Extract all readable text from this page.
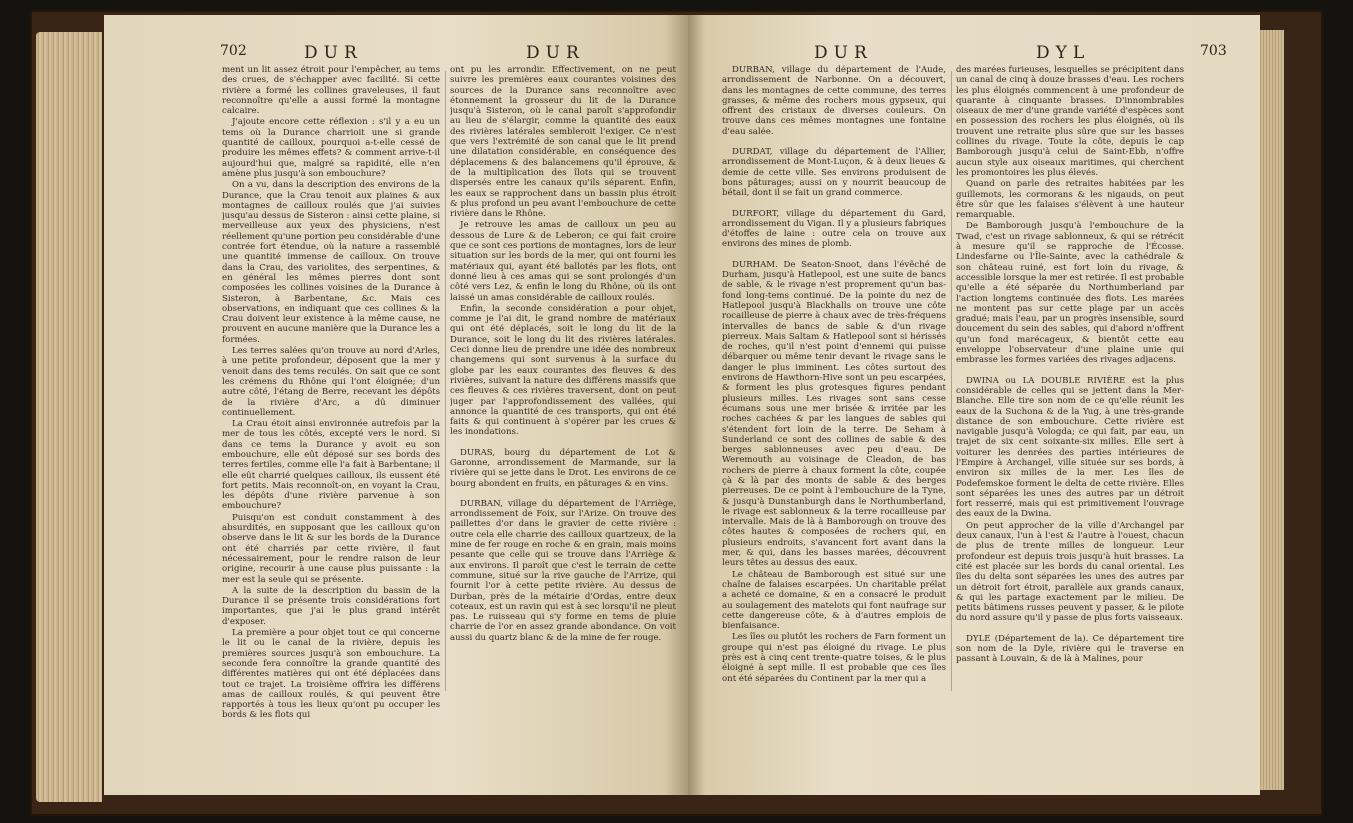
702	DUR	DUR

ment un lit assez étroit pour l'empêcher, au tems des crues, de s'échapper avec facilité. Si cette rivière a formé les collines graveleuses, il faut reconnoître qu'elle a aussi formé la montagne calcaire.

J'ajoute encore cette réflexion : s'il y a eu un tems où la Durance charrioit une si grande quantité de cailloux, pourquoi a-t-elle cessé de produire les mêmes effets? & comment arrive-t-il aujourd'hui que, malgré sa rapidité, elle n'en amène plus jusqu'à son embouchure?

On a vu, dans la description des environs de la Durance, que la Crau tenoit aux plaines & aux montagnes de cailloux roulés que j'ai suivies jusqu'au dessus de Sisteron : ainsi cette plaine, si merveilleuse aux yeux des physiciens, n'est réellement qu'une portion peu considérable d'une contrée fort étendue, où la nature a rassemblé une quantité immense de cailloux. On trouve dans la Crau, des variolites, des serpentines, & en général les mêmes pierres dont sont composées les collines voisines de la Durance à Sisteron, à Barbentane, &c. Mais ces observations, en indiquant que ces collines & la Crau doivent leur existence à la même cause, ne prouvent en aucune manière que la Durance les a formées.

Les terres salées qu'on trouve au nord d'Arles, à une petite profondeur, déposent que la mer y venoit dans des tems reculés. On sait que ce sont les crémens du Rhône qui l'ont éloignée; d'un autre côté, l'étang de Berre, recevant les dépôts de la rivière d'Arc, a dû diminuer continuellement.

La Crau étoit ainsi environnée autrefois par la mer de tous les côtés, excepté vers le nord. Si dans ce tems la Durance y avoit eu son embouchure, elle eût déposé sur ses bords des terres fertiles, comme elle l'a fait à Barbentane; il elle eût charrié quelques cailloux, ils eussent été fort petits. Mais reconnoît-on, en voyant la Crau, les dépôts d'une rivière parvenue à son embouchure?

Puisqu'on est conduit constamment à des absurdités, en supposant que les cailloux qu'on observe dans le lit & sur les bords de la Durance ont été charriés par cette rivière, il faut nécessairement, pour le rendre raison de leur origine, recourir à une cause plus puissante : la mer est la seule qui se présente.

A la suite de la description du bassin de la Durance il se présente trois considérations fort importantes, que j'ai le plus grand intérêt d'exposer.

La première a pour objet tout ce qui concerne le lit ou le canal de la rivière, depuis les premières sources jusqu'à son embouchure. La seconde fera connoître la grande quantité des différentes matières qui ont été déplacées dans tout ce trajet. La troisième offrira les différens amas de cailloux roulés, & qui peuvent être rapportés à tous les lieux qu'ont pu occuper les bords & les flots qui

ont pu les arrondir. Effectivement, on ne peut suivre les premières eaux courantes voisines des sources de la Durance sans reconnoître avec étonnement la grosseur du lit de la Durance jusqu'à Sisteron, où le canal paroît s'approfondir au lieu de s'élargir, comme la quantité des eaux des rivières latérales sembleroit l'exiger. Ce n'est que vers l'extrémité de son canal que le lit prend une dilatation considérable, en conséquence des déplacemens & des balancemens qu'il éprouve, & de la multiplication des îlots qui se trouvent dispersés entre les canaux qu'ils séparent. Enfin, les eaux se rapprochent dans un bassin plus étroit & plus profond un peu avant l'embouchure de cette rivière dans le Rhône.

Je retrouve les amas de cailloux un peu au dessous de Lure & de Leberon; ce qui fait croire que ce sont ces portions de montagnes, lors de leur situation sur les bords de la mer, qui ont fourni les matériaux qui, ayant été ballotés par les flots, ont donné lieu à ces amas qui se sont prolongés d'un côté vers Lez, & enfin le long du Rhône, où ils ont laissé un amas considérable de cailloux roulés.

Enfin, la seconde considération a pour objet, comme je l'ai dit, le grand nombre de matériaux qui ont été déplacés, soit le long du lit de la Durance, soit le long du lit des rivières latérales. Ceci donne lieu de prendre une idée des nombreux changemens qui sont survenus à la surface du globe par les eaux courantes des fleuves & des rivières, suivant la nature des différens massifs que ces fleuves & ces rivières traversent, dont on peut juger par l'approfondissement des vallées, qui annonce la quantité de ces transports, qui ont été faits & qui continuent à s'opérer par les crues & les inondations.

DURAS, bourg du département de Lot & Garonne, arrondissement de Marmande, sur la rivière qui se jette dans le Drot. Les environs de ce bourg abondent en fruits, en pâturages & en vins.

DURBAN, village du département de l'Arriège, arrondissement de Foix, sur l'Arize. On trouve des paillettes d'or dans le gravier de cette rivière : outre cela elle charrie des cailloux quartzeux, de la mine de fer rouge en roche & en grain, mais moins pesante que celle qui se trouve dans l'Arriège & aux environs. Il paroît que c'est le terrain de cette commune, situé sur la rive gauche de l'Arrize, qui fournit l'or à cette petite rivière. Au dessus de Durban, près de la métairie d'Ordas, entre deux coteaux, est un ravin qui est à sec lorsqu'il ne pleut pas. Le ruisseau qui s'y forme en tems de pluie charrie de l'or en assez grande abondance. On voit aussi du quartz blanc & de la mine de fer rouge.

DUR	DYL	703

DURBAN, village du département de l'Aude, arrondissement de Narbonne. On a découvert, dans les montagnes de cette commune, des terres grasses, & même des rochers mous gypseux, qui offrent des cristaux de diverses couleurs. On trouve dans ces mêmes montagnes une fontaine d'eau salée.

DURDAT, village du département de l'Allier, arrondissement de Mont-Luçon, & à deux lieues & demie de cette ville. Ses environs produisent de bons pâturages; aussi on y nourrit beaucoup de bétail, dont il se fait un grand commerce.

DURFORT, village du département du Gard, arrondissement du Vigan. Il y a plusieurs fabriques d'étoffes de laine : outre cela on trouve aux environs des mines de plomb.

DURHAM. De Seaton-Snoot, dans l'évêché de Durham, jusqu'à Hatlepool, est une suite de bancs de sable, & le rivage n'est proprement qu'un bas-fond long-tems continué. De la pointe du nez de Hatlepool jusqu'à Blackhalls on trouve une côte rocailleuse de pierre à chaux avec de très-fréquens intervalles de bancs de sable & d'un rivage pierreux. Mais Saltam & Hatlepool sont si hérissés de roches, qu'il n'est point d'ennemi qui puisse débarquer ou même tenir devant le rivage sans le danger le plus imminent. Les côtes surtout des environs de Hawthorn-Hive sont un peu escarpées, & forment les plus grotesques figures pendant plusieurs milles. Les rivages sont sans cesse écumans sous une mer brisée & irritée par les roches cachées & par les langues de sables qui s'étendent fort loin de la terre. De Seham à Sunderland ce sont des collines de sable & des berges sablonneuses avec peu d'eau. De Weremouth au voisinage de Cleadon, de bas rochers de pierre à chaux forment la côte, coupée çà & là par des monts de sable & des berges pierreuses. De ce point à l'embouchure de la Tyne, & jusqu'à Dunstanburgh dans le Northumberland, le rivage est sablonneux & la terre rocailleuse par intervalle. Mais de là à Bamborough on trouve des côtes hautes & composées de rochers qui, en plusieurs endroits, s'avancent fort avant dans la mer, & qui, dans les basses marées, découvrent leurs têtes au dessus des eaux.

Le château de Bamborough est situé sur une chaîne de falaises escarpées. Un charitable prélat a acheté ce domaine, & en a consacré le produit au soulagement des matelots qui font naufrage sur cette dangereuse côte, & à d'autres emplois de bienfaisance.

Les îles ou plutôt les rochers de Farn forment un groupe qui n'est pas éloigné du rivage. Le plus près est à cinq cent trente-quatre toises, & le plus éloigné à sept mille. Il est probable que ces îles ont été séparées du Continent par la mer qui a

des marées furieuses, lesquelles se précipitent dans un canal de cinq à douze brasses d'eau. Les rochers les plus éloignés commencent à une profondeur de quarante à cinquante brasses. D'innombrables oiseaux de mer d'une grande variété d'espèces sont en possession des rochers les plus éloignés, où ils trouvent une retraite plus sûre que sur les basses collines du rivage. Toute la côte, depuis le cap Bamborough jusqu'à celui de Saint-Ebb, n'offre aucun style aux oiseaux maritimes, qui cherchent les promontoires les plus élevés.

Quand on parle des retraites habitées par les guillemots, les cormorans & les nigauds, on peut être sûr que les falaises s'élèvent à une hauteur remarquable.

De Bamborough jusqu'à l'embouchure de la Twad, c'est un rivage sablonneux, & qui se rétrécit à mesure qu'il se rapproche de l'Écosse. Lindesfarne ou l'Île-Sainte, avec la cathédrale & son château ruiné, est fort loin du rivage, & accessible lorsque la mer est retirée. Il est probable qu'elle a été séparée du Northumberland par l'action longtems continuée des flots. Les marées ne montent pas sur cette plage par un accès gradué; mais l'eau, par un progrès insensible, sourd doucement du sein des sables, qui d'abord n'offrent qu'un fond marécageux, & bientôt cette eau enveloppe l'observateur d'une plaine unie qui embrasse les formes variées des rivages adjacens.

DWINA ou LA DOUBLE RIVIÈRE est la plus considérable de celles qui se jettent dans la Mer-Blanche. Elle tire son nom de ce qu'elle réunit les eaux de la Suchona & de la Yug, à une très-grande distance de son embouchure. Cette rivière est navigable jusqu'à Vologda; ce qui fait, par eau, un trajet de six cent soixante-six milles. Elle sert à voiturer les denrées des parties intérieures de l'Empire à Archangel, ville située sur ses bords, à environ six milles de la mer. Les îles de Podefemskoe forment le delta de cette rivière. Elles sont séparées les unes des autres par un détroit fort resserré, mais qui est primitivement l'ouvrage des eaux de la Dwina.

On peut approcher de la ville d'Archangel par deux canaux, l'un à l'est & l'autre à l'ouest, chacun de plus de trente milles de longueur. Leur profondeur est depuis trois jusqu'à huit brasses. La cité est placée sur les bords du canal oriental. Les îles du delta sont séparées les unes des autres par un détroit fort étroit, parallèle aux grands canaux, & qui les partage exactement par le milieu. De petits bâtimens russes peuvent y passer, & le pilote du nord assure qu'il y passe de plus forts vaisseaux.

DYLE (Département de la). Ce département tire son nom de la Dyle, rivière qui le traverse en passant à Louvain, & de là à Malines, pour
